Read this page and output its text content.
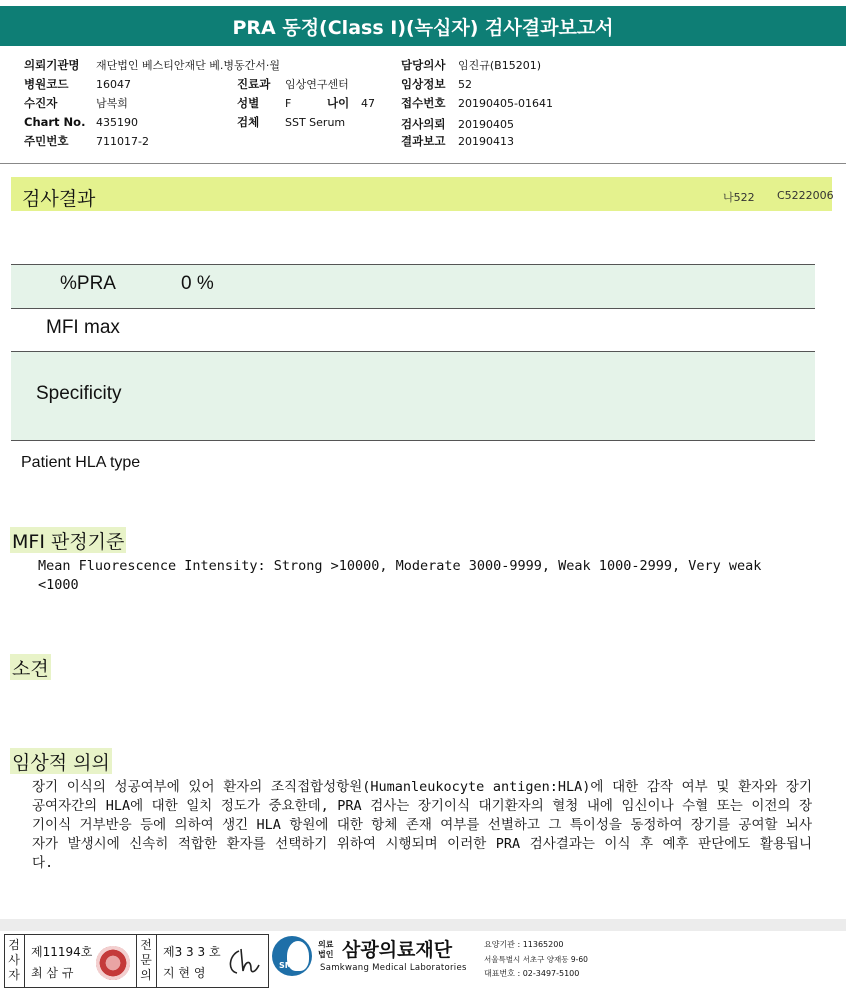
PRA 동정(Class I)(녹십자) 검사결과보고서
의뢰기관명 재단법인 베스티안재단 베.병동간서·월
병원코드	16047
수진자	남복희
Chart No. 435190
주민번호	711017-2
진료과 임상연구센터
성별 F	나이 47
검체 SST Serum
담당의사 임진규(B15201)
임상정보 52
접수번호 20190405-01641
검사의뢰 20190405
결과보고 20190413
검사결과	나522 C5222006
%PRA	0 %
MFI max
Specificity
Patient HLA type
MFI 판정기준
Mean Fluorescence Intensity: Strong >10000, Moderate 3000-9999, Weak 1000-2999, Very weak <1000
소견
임상적 의의
장기 이식의 성공여부에 있어 환자의 조직접합성항원(Humanleukocyte antigen:HLA)에 대한 감작 여부 및 환자와 장기공여자간의 HLA에 대한 일치 정도가 중요한데, PRA 검사는 장기이식 대기환자의 혈청 내에 임신이나 수혈 또는 이전의 장기이식 거부반응 등에 의하여 생긴 HLA 항원에 대한 항체 존재 여부를 선별하고 그 특이성을 동정하여 장기를 공여할 뇌사자가 발생시에 신속히 적합한 환자를 선택하기 위하여 시행되며 이러한 PRA 검사결과는 이식 후 예후 판단에도 활용됩니다.
검사자
제11194호
최 삼 규
전문의
제3 3 3 호
지 현 영
SML
의료법인 삼광의료재단
Samkwang Medical Laboratories
요양기관 : 11365200
서울특별시 서초구 양재동 9-60
대표번호 : 02-3497-5100
